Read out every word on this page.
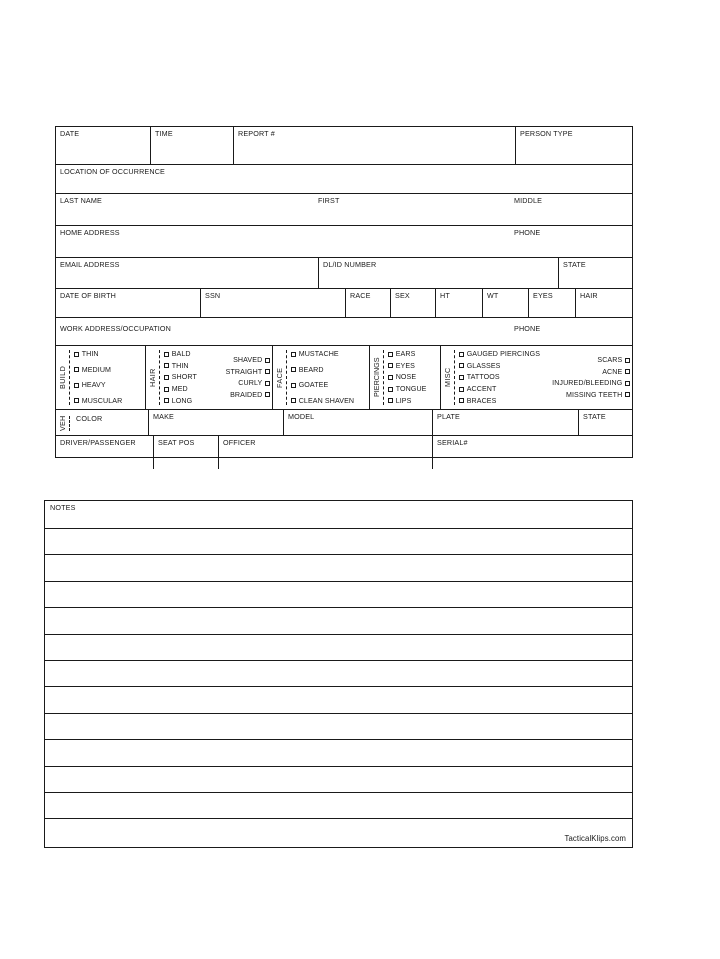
DATE	TIME	REPORT #	PERSON TYPE
LOCATION OF OCCURRENCE
LAST NAME	FIRST	MIDDLE
HOME ADDRESS	PHONE
EMAIL ADDRESS	DL/ID NUMBER	STATE
DATE OF BIRTH	SSN	RACE	SEX	HT	WT	EYES	HAIR
WORK ADDRESS/OCCUPATION	PHONE
BUILD
THIN
MEDIUM
HEAVY
MUSCULAR
HAIR
BALD
THIN
SHORT
MED
LONG
SHAVED
STRAIGHT
CURLY
BRAIDED
FACE
MUSTACHE
BEARD
GOATEE
CLEAN SHAVEN
PIERCINGS
EARS
EYES
NOSE
TONGUE
LIPS
MISC
GAUGED PIERCINGS
GLASSES
TATTOOS
ACCENT
BRACES
SCARS
ACNE
INJURED/BLEEDING
MISSING TEETH
VEH	COLOR	MAKE	MODEL	PLATE	STATE
DRIVER/PASSENGER	SEAT POS	OFFICER	SERIAL#
NOTES
TacticalKlips.com
